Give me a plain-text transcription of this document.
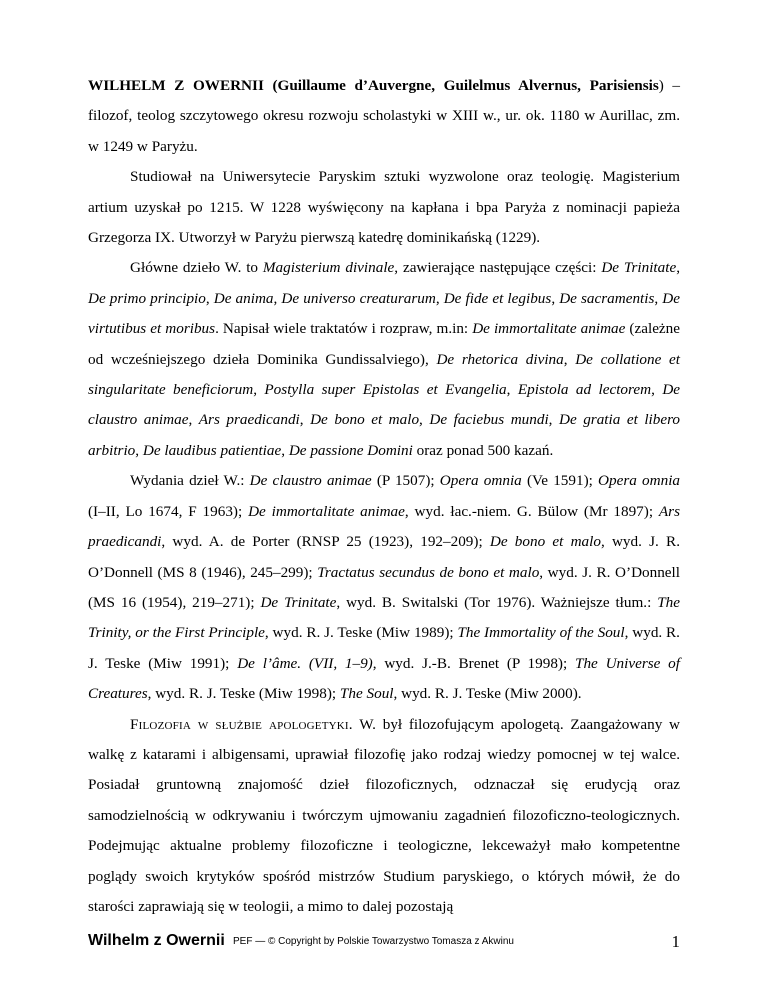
WILHELM Z OWERNII (Guillaume d’Auvergne, Guilelmus Alvernus, Parisiensis) – filozof, teolog szczytowego okresu rozwoju scholastyki w XIII w., ur. ok. 1180 w Aurillac, zm. w 1249 w Paryżu.

Studiował na Uniwersytecie Paryskim sztuki wyzwolone oraz teologię. Magisterium artium uzyskał po 1215. W 1228 wyświęcony na kapłana i bpa Paryża z nominacji papieża Grzegorza IX. Utworzył w Paryżu pierwszą katedrę dominikańską (1229).

Główne dzieło W. to Magisterium divinale, zawierające następujące części: De Trinitate, De primo principio, De anima, De universo creaturarum, De fide et legibus, De sacramentis, De virtutibus et moribus. Napisał wiele traktatów i rozpraw, m.in: De immortalitate animae (zależne od wcześniejszego dzieła Dominika Gundissalviego), De rhetorica divina, De collatione et singularitate beneficiorum, Postylla super Epistolas et Evangelia, Epistola ad lectorem, De claustro animae, Ars praedicandi, De bono et malo, De faciebus mundi, De gratia et libero arbitrio, De laudibus patientiae, De passione Domini oraz ponad 500 kazań.

Wydania dzieł W.: De claustro animae (P 1507); Opera omnia (Ve 1591); Opera omnia (I–II, Lo 1674, F 1963); De immortalitate animae, wyd. łac.-niem. G. Bülow (Mr 1897); Ars praedicandi, wyd. A. de Porter (RNSP 25 (1923), 192–209); De bono et malo, wyd. J. R. O’Donnell (MS 8 (1946), 245–299); Tractatus secundus de bono et malo, wyd. J. R. O’Donnell (MS 16 (1954), 219–271); De Trinitate, wyd. B. Switalski (Tor 1976). Ważniejsze tłum.: The Trinity, or the First Principle, wyd. R. J. Teske (Miw 1989); The Immortality of the Soul, wyd. R. J. Teske (Miw 1991); De l’âme. (VII, 1–9), wyd. J.-B. Brenet (P 1998); The Universe of Creatures, wyd. R. J. Teske (Miw 1998); The Soul, wyd. R. J. Teske (Miw 2000).

Filozofia w służbie apologetyki. W. był filozofującym apologetą. Zaangażowany w walkę z katarami i albigensami, uprawiał filozofię jako rodzaj wiedzy pomocnej w tej walce. Posiadał gruntowną znajomość dzieł filozoficznych, odznaczał się erudycją oraz samodzielnością w odkrywaniu i twórczym ujmowaniu zagadnień filozoficzno-teologicznych. Podejmując aktualne problemy filozoficzne i teologiczne, lekceważył mało kompetentne poglądy swoich krytyków spośród mistrzów Studium paryskiego, o których mówił, że do starości zaprawiają się w teologii, a mimo to dalej pozostają

Wilhelm z Owernii PEF — © Copyright by Polskie Towarzystwo Tomasza z Akwinu	1
